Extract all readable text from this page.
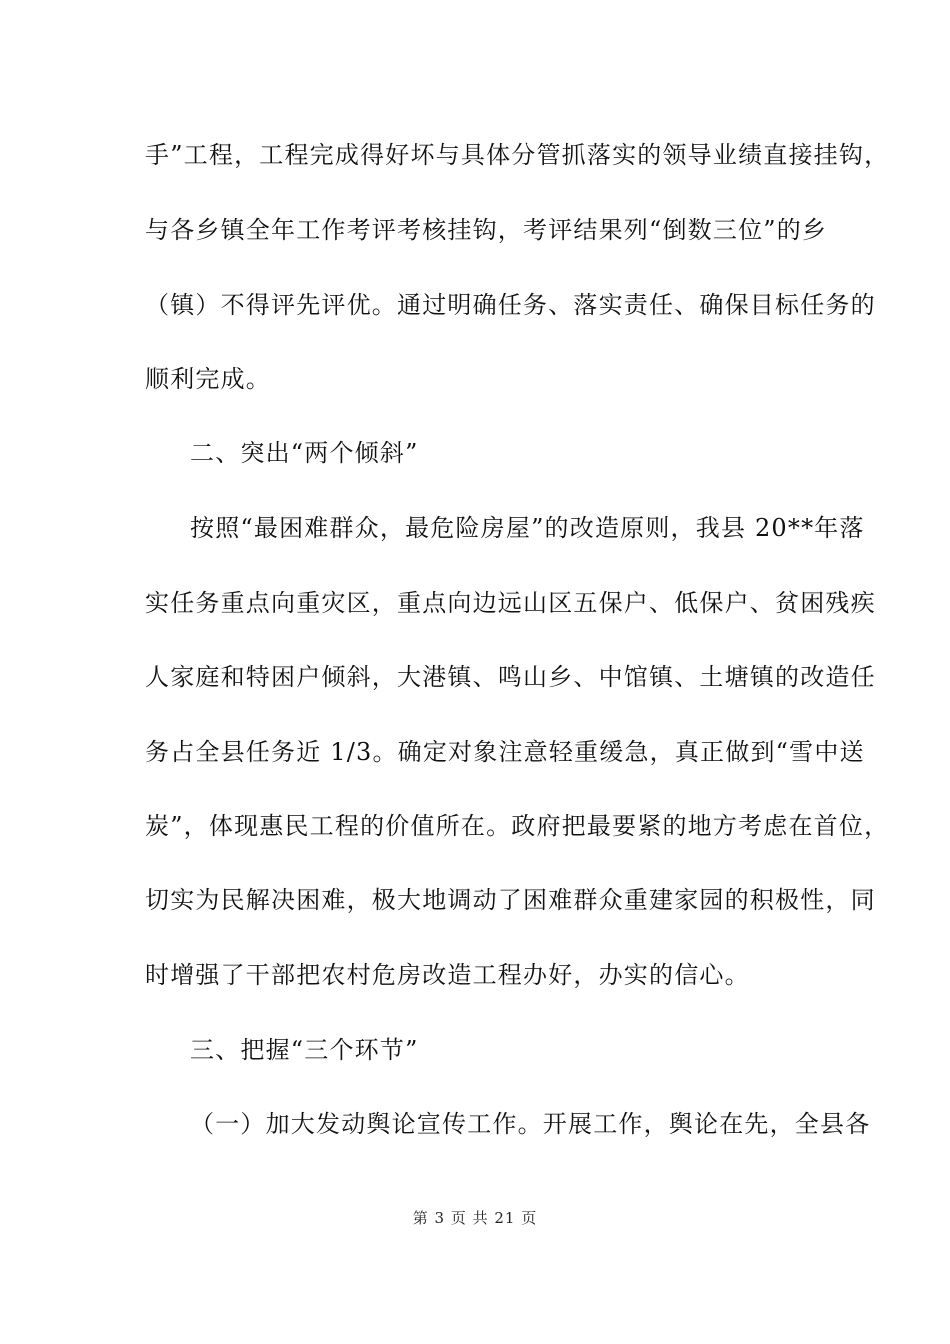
手”工程，工程完成得好坏与具体分管抓落实的领导业绩直接挂钩，
与各乡镇全年工作考评考核挂钩，考评结果列“倒数三位”的乡
（镇）不得评先评优。通过明确任务、落实责任、确保目标任务的
顺利完成。
二、突出“两个倾斜”
按照“最困难群众，最危险房屋”的改造原则，我县 20**年落
实任务重点向重灾区，重点向边远山区五保户、低保户、贫困残疾
人家庭和特困户倾斜，大港镇、鸣山乡、中馆镇、土塘镇的改造任
务占全县任务近 1/3。确定对象注意轻重缓急，真正做到“雪中送
炭”，体现惠民工程的价值所在。政府把最要紧的地方考虑在首位，
切实为民解决困难，极大地调动了困难群众重建家园的积极性，同
时增强了干部把农村危房改造工程办好，办实的信心。
三、把握“三个环节”
（一）加大发动舆论宣传工作。开展工作，舆论在先，全县各
第 3 页 共 21 页
